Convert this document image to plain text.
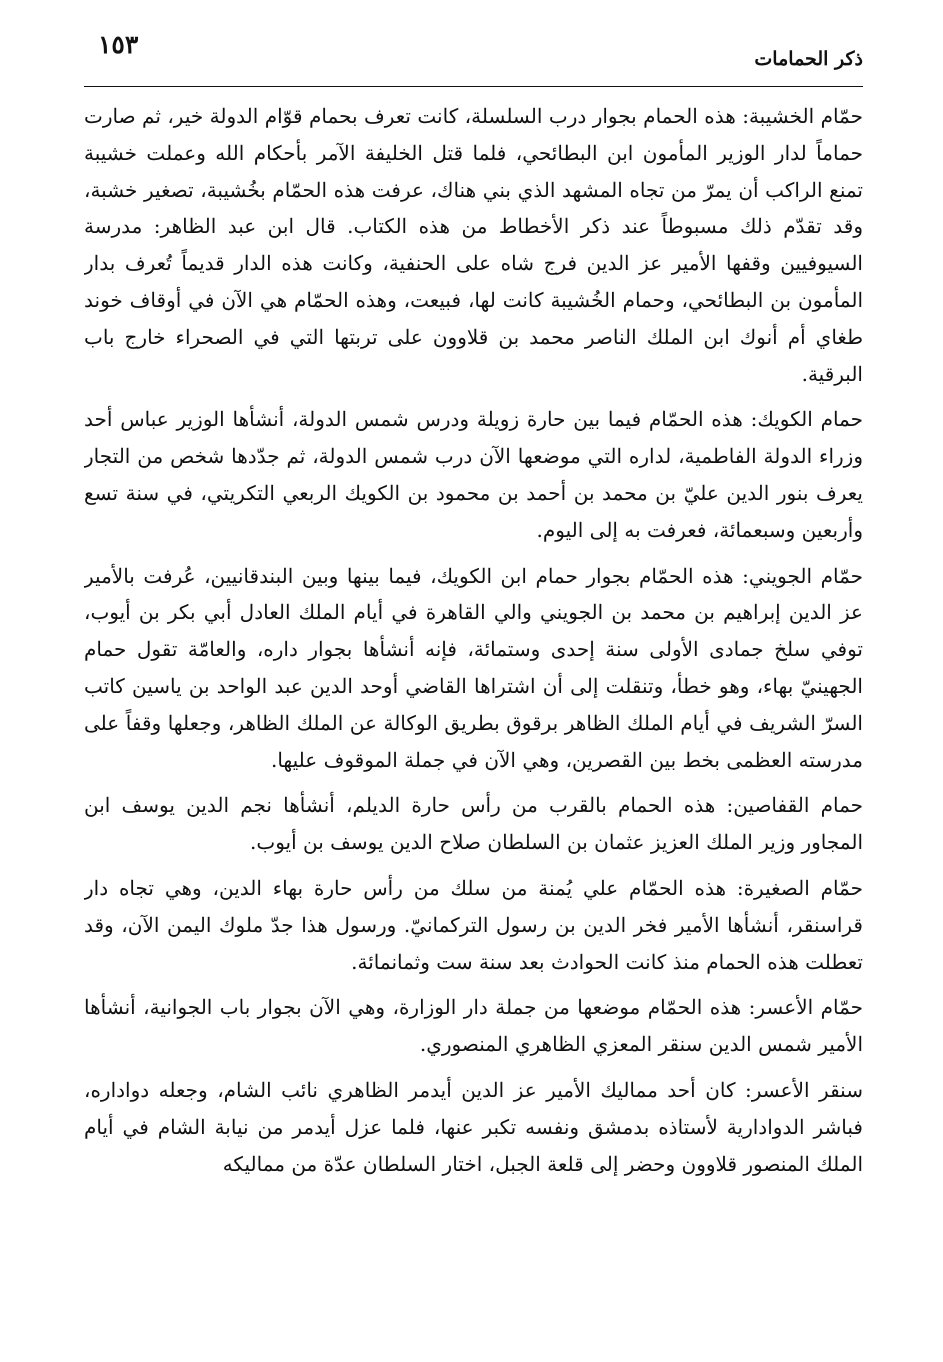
ذكر الحمامات
١٥٣

حمّام الخشيبة: هذه الحمام بجوار درب السلسلة، كانت تعرف بحمام قوّام الدولة خير، ثم صارت حماماً لدار الوزير المأمون ابن البطائحي، فلما قتل الخليفة الآمر بأحكام الله وعملت خشيبة تمنع الراكب أن يمرّ من تجاه المشهد الذي بني هناك، عرفت هذه الحمّام بخُشيبة، تصغير خشبة، وقد تقدّم ذلك مسبوطاً عند ذكر الأخطاط من هذه الكتاب. قال ابن عبد الظاهر: مدرسة السيوفيين وقفها الأمير عز الدين فرج شاه على الحنفية، وكانت هذه الدار قديماً تُعرف بدار المأمون بن البطائحي، وحمام الخُشيبة كانت لها، فبيعت، وهذه الحمّام هي الآن في أوقاف خوند طغاي أم أنوك ابن الملك الناصر محمد بن قلاوون على تربتها التي في الصحراء خارج باب البرقية.

حمام الكويك: هذه الحمّام فيما بين حارة زويلة ودرس شمس الدولة، أنشأها الوزير عباس أحد وزراء الدولة الفاطمية، لداره التي موضعها الآن درب شمس الدولة، ثم جدّدها شخص من التجار يعرف بنور الدين عليّ بن محمد بن أحمد بن محمود بن الكويك الربعي التكريتي، في سنة تسع وأربعين وسبعمائة، فعرفت به إلى اليوم.

حمّام الجويني: هذه الحمّام بجوار حمام ابن الكويك، فيما بينها وبين البندقانيين، عُرفت بالأمير عز الدين إبراهيم بن محمد بن الجويني والي القاهرة في أيام الملك العادل أبي بكر بن أيوب، توفي سلخ جمادى الأولى سنة إحدى وستمائة، فإنه أنشأها بجوار داره، والعامّة تقول حمام الجهينيّ بهاء، وهو خطأ، وتنقلت إلى أن اشتراها القاضي أوحد الدين عبد الواحد بن ياسين كاتب السرّ الشريف في أيام الملك الظاهر برقوق بطريق الوكالة عن الملك الظاهر، وجعلها وقفاً على مدرسته العظمى بخط بين القصرين، وهي الآن في جملة الموقوف عليها.

حمام القفاصين: هذه الحمام بالقرب من رأس حارة الديلم، أنشأها نجم الدين يوسف ابن المجاور وزير الملك العزيز عثمان بن السلطان صلاح الدين يوسف بن أيوب.

حمّام الصغيرة: هذه الحمّام علي يُمنة من سلك من رأس حارة بهاء الدين، وهي تجاه دار قراسنقر، أنشأها الأمير فخر الدين بن رسول التركمانيّ. ورسول هذا جدّ ملوك اليمن الآن، وقد تعطلت هذه الحمام منذ كانت الحوادث بعد سنة ست وثمانمائة.

حمّام الأعسر: هذه الحمّام موضعها من جملة دار الوزارة، وهي الآن بجوار باب الجوانية، أنشأها الأمير شمس الدين سنقر المعزي الظاهري المنصوري.

سنقر الأعسر: كان أحد مماليك الأمير عز الدين أيدمر الظاهري نائب الشام، وجعله دواداره، فباشر الدوادارية لأستاذه بدمشق ونفسه تكبر عنها، فلما عزل أيدمر من نيابة الشام في أيام الملك المنصور قلاوون وحضر إلى قلعة الجبل، اختار السلطان عدّة من مماليكه
